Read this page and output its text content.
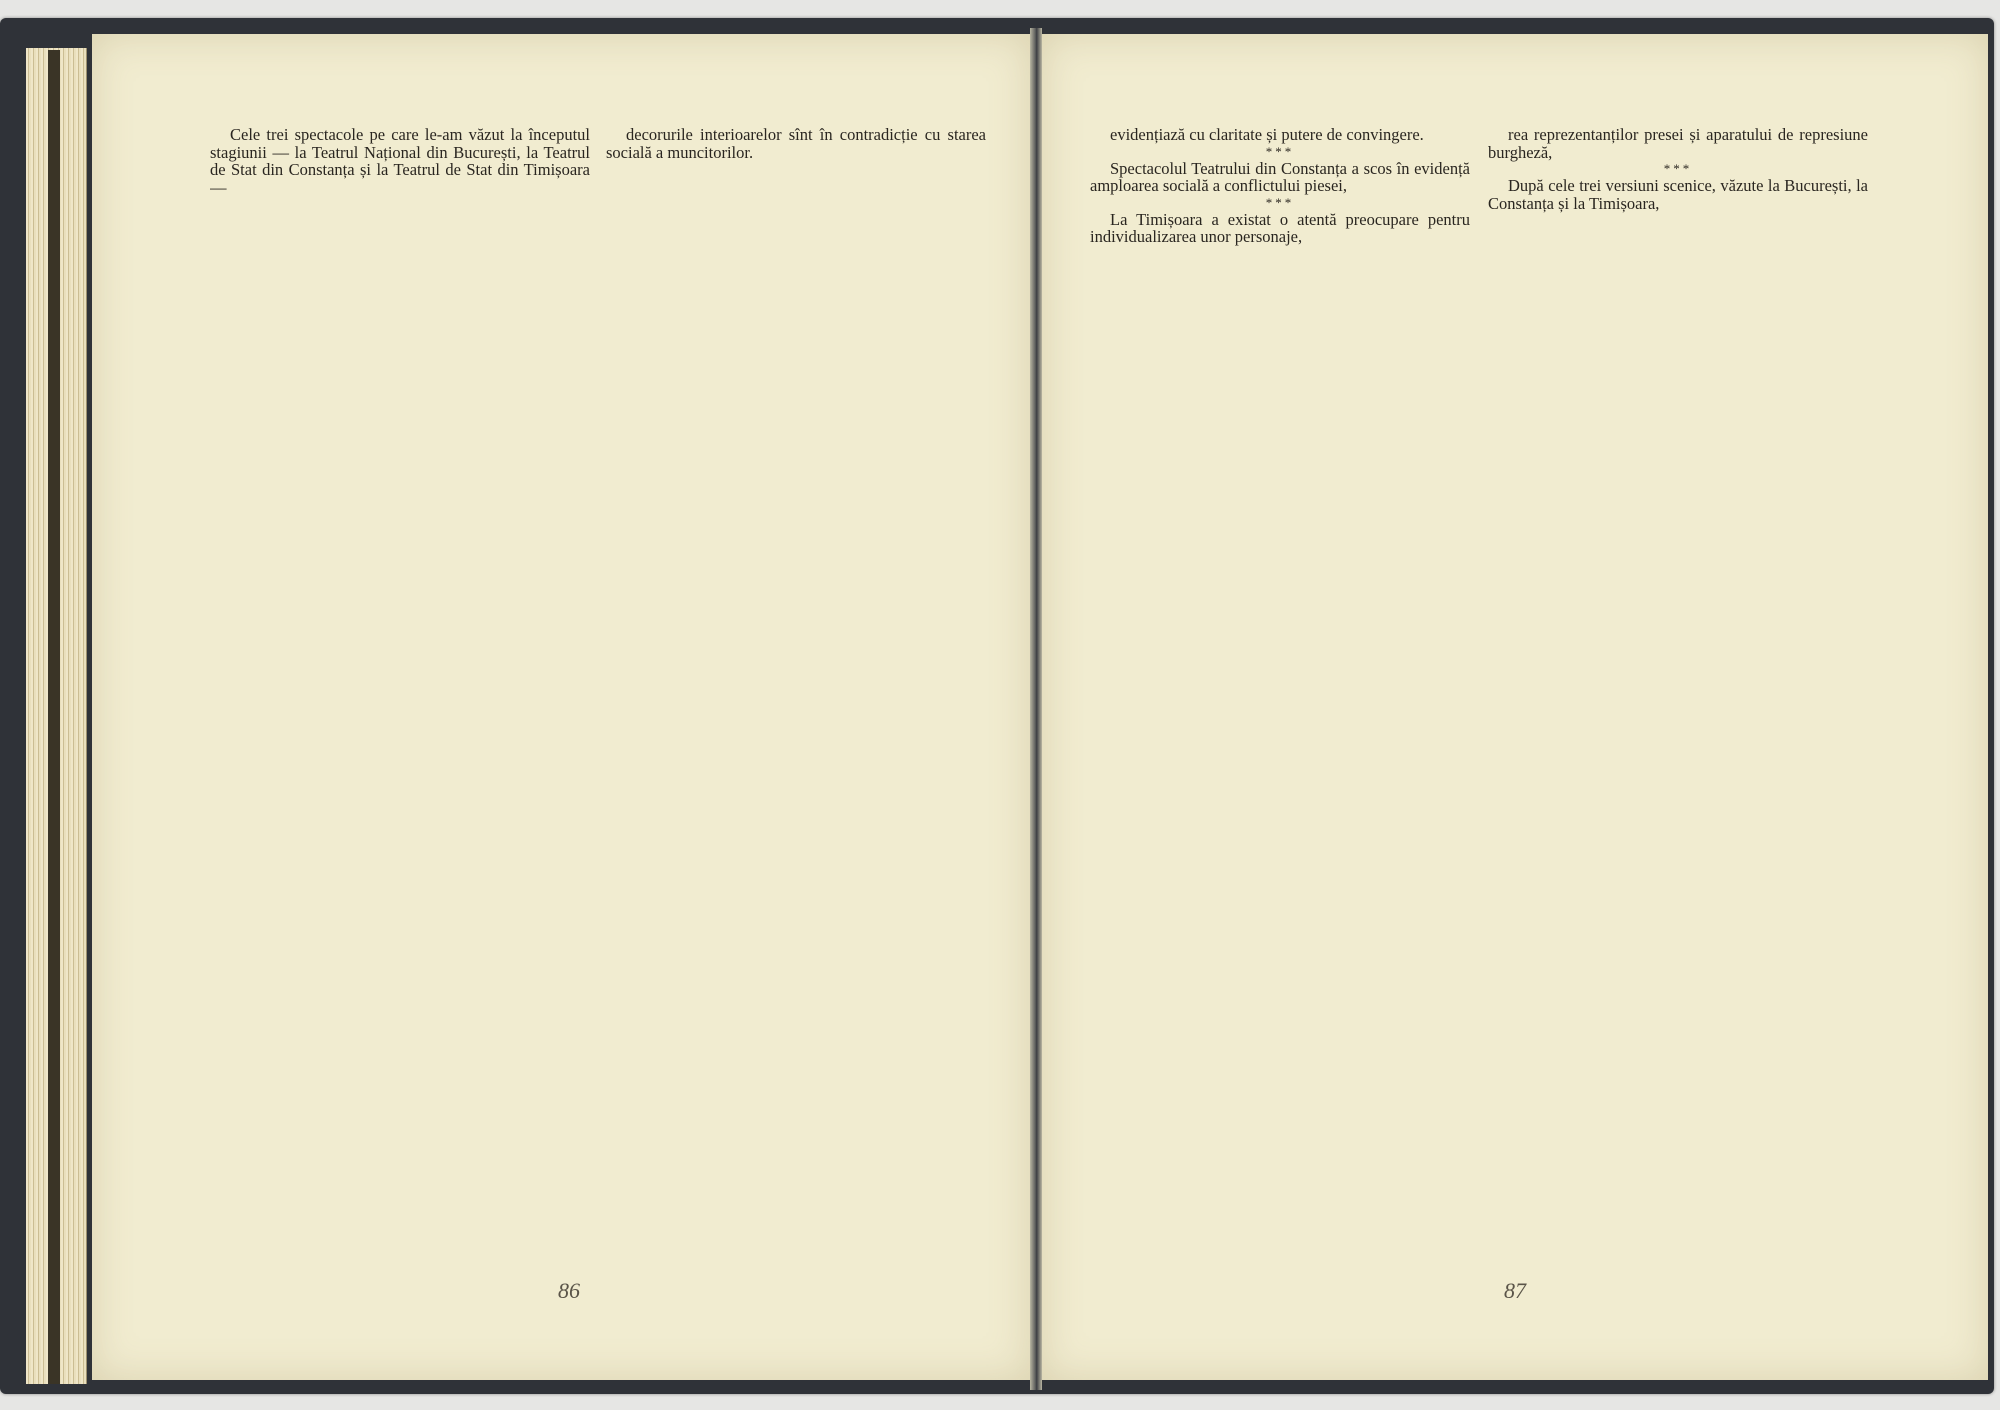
Cele trei spectacole pe care le-am văzut la începutul stagiunii — la Teatrul Național din București, la Teatrul de Stat din Constanța și la Teatrul de Stat din Timișoara —

decorurile interioarelor sînt în contradicție cu starea socială a muncitorilor.

86

evidențiază cu claritate și putere de convingere.

***

Spectacolul Teatrului din Constanța a scos în evidență amploarea socială a conflictului piesei,

***

La Timișoara a existat o atentă preocupare pentru individualizarea unor personaje,

rea reprezentanților presei și aparatului de represiune burgheză,

***

După cele trei versiuni scenice, văzute la București, la Constanța și la Timișoara,

87
